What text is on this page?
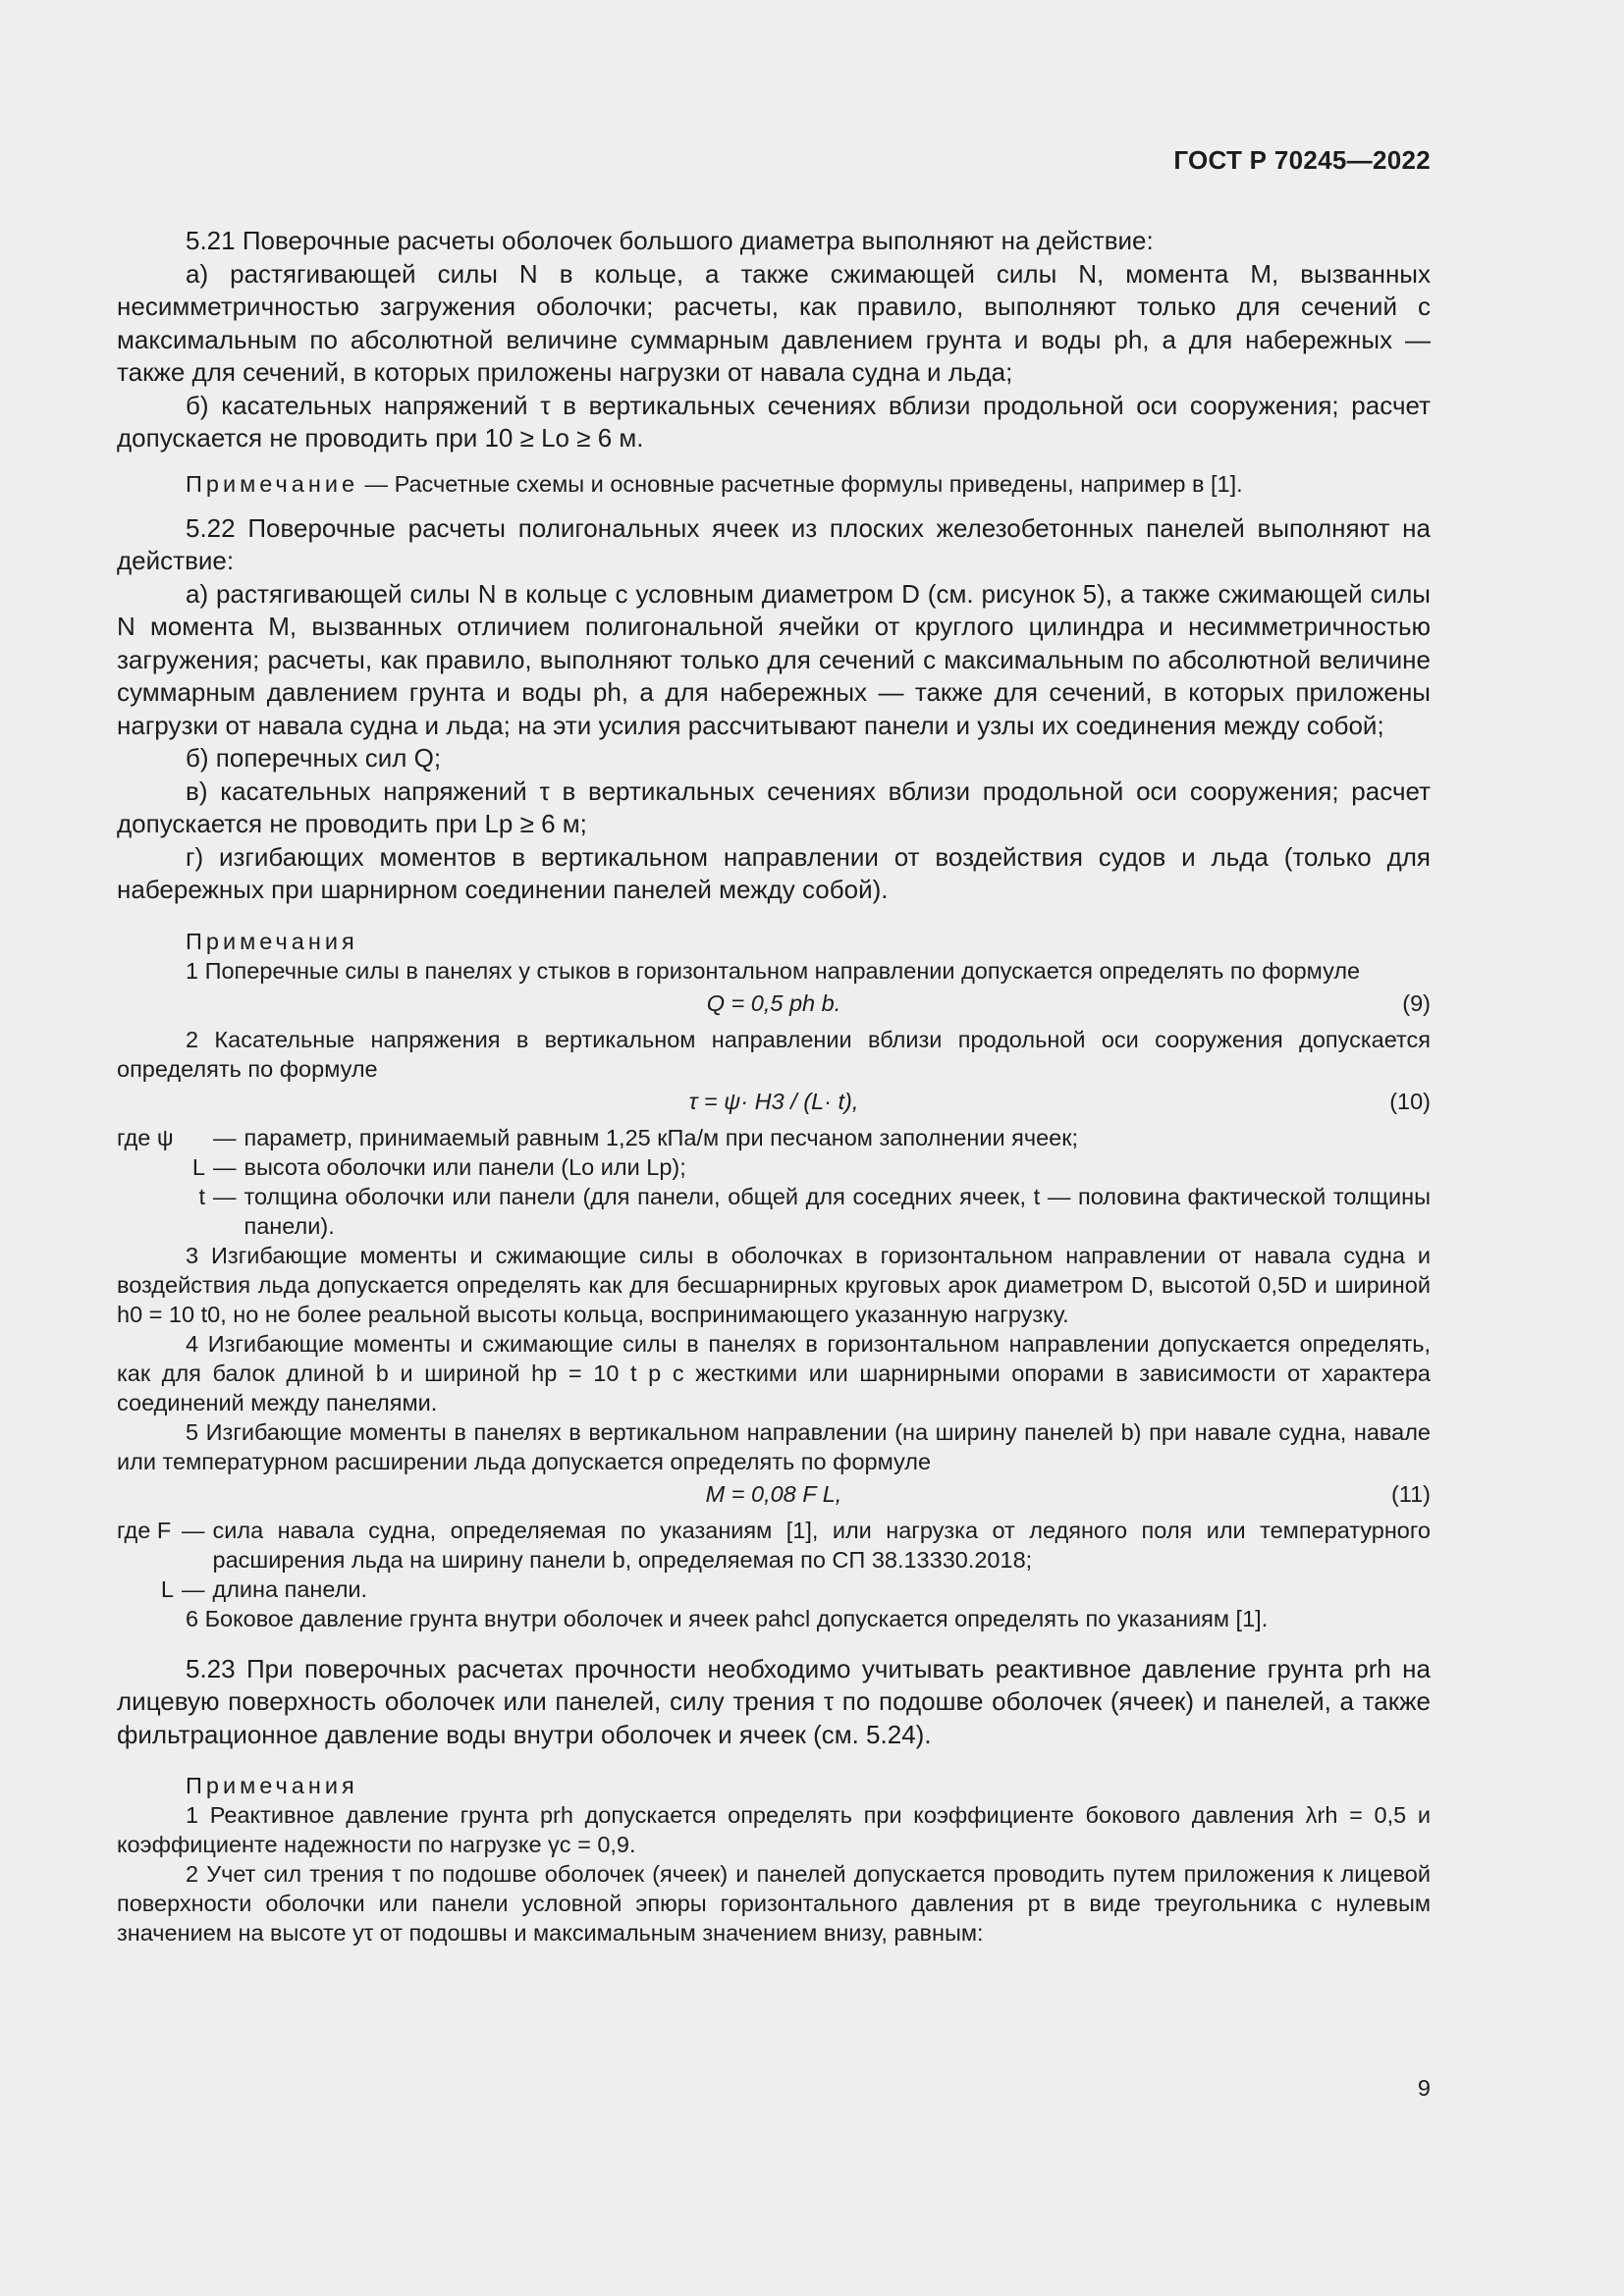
ГОСТ Р 70245—2022

5.21 Поверочные расчеты оболочек большого диаметра выполняют на действие:

а) растягивающей силы N в кольце, а также сжимающей силы N, момента M, вызванных несимметричностью загружения оболочки; расчеты, как правило, выполняют только для сечений с максимальным по абсолютной величине суммарным давлением грунта и воды ph, а для набережных — также для сечений, в которых приложены нагрузки от навала судна и льда;

б) касательных напряжений τ в вертикальных сечениях вблизи продольной оси сооружения; расчет допускается не проводить при 10 ≥ Lo ≥ 6 м.

Примечание — Расчетные схемы и основные расчетные формулы приведены, например в [1].

5.22 Поверочные расчеты полигональных ячеек из плоских железобетонных панелей выполняют на действие:

а) растягивающей силы N в кольце с условным диаметром D (см. рисунок 5), а также сжимающей силы N момента M, вызванных отличием полигональной ячейки от круглого цилиндра и несимметричностью загружения; расчеты, как правило, выполняют только для сечений с максимальным по абсолютной величине суммарным давлением грунта и воды ph, а для набережных — также для сечений, в которых приложены нагрузки от навала судна и льда; на эти усилия рассчитывают панели и узлы их соединения между собой;

б) поперечных сил Q;

в) касательных напряжений τ в вертикальных сечениях вблизи продольной оси сооружения; расчет допускается не проводить при Lp ≥ 6 м;

г) изгибающих моментов в вертикальном направлении от воздействия судов и льда (только для набережных при шарнирном соединении панелей между собой).

Примечания

1 Поперечные силы в панелях у стыков в горизонтальном направлении допускается определять по формуле

Q = 0,5 ph b.	(9)

2 Касательные напряжения в вертикальном направлении вблизи продольной оси сооружения допускается определять по формуле

τ = ψ· H3 / (L· t),	(10)
где ψ	— параметр, принимаемый равным 1,25 кПа/м при песчаном заполнении ячеек;
L — высота оболочки или панели (Lo или Lp);
t — толщина оболочки или панели (для панели, общей для соседних ячеек, t — половина фактической толщины панели).

3 Изгибающие моменты и сжимающие силы в оболочках в горизонтальном направлении от навала судна и воздействия льда допускается определять как для бесшарнирных круговых арок диаметром D, высотой 0,5D и шириной h0 = 10 t0, но не более реальной высоты кольца, воспринимающего указанную нагрузку.

4 Изгибающие моменты и сжимающие силы в панелях в горизонтальном направлении допускается определять, как для балок длиной b и шириной hp = 10 t p с жесткими или шарнирными опорами в зависимости от характера соединений между панелями.

5 Изгибающие моменты в панелях в вертикальном направлении (на ширину панелей b) при навале судна, навале или температурном расширении льда допускается определять по формуле

M = 0,08 F L,	(11)
где F — сила навала судна, определяемая по указаниям [1], или нагрузка от ледяного поля или температурного расширения льда на ширину панели b, определяемая по СП 38.13330.2018;
L — длина панели.

6 Боковое давление грунта внутри оболочек и ячеек pahcl допускается определять по указаниям [1].

5.23 При поверочных расчетах прочности необходимо учитывать реактивное давление грунта prh на лицевую поверхность оболочек или панелей, силу трения τ по подошве оболочек (ячеек) и панелей, а также фильтрационное давление воды внутри оболочек и ячеек (см. 5.24).

Примечания

1 Реактивное давление грунта prh допускается определять при коэффициенте бокового давления λrh = 0,5 и коэффициенте надежности по нагрузке γc = 0,9.

2 Учет сил трения τ по подошве оболочек (ячеек) и панелей допускается проводить путем приложения к лицевой поверхности оболочки или панели условной эпюры горизонтального давления pτ в виде треугольника с нулевым значением на высоте yτ от подошвы и максимальным значением внизу, равным:

9
